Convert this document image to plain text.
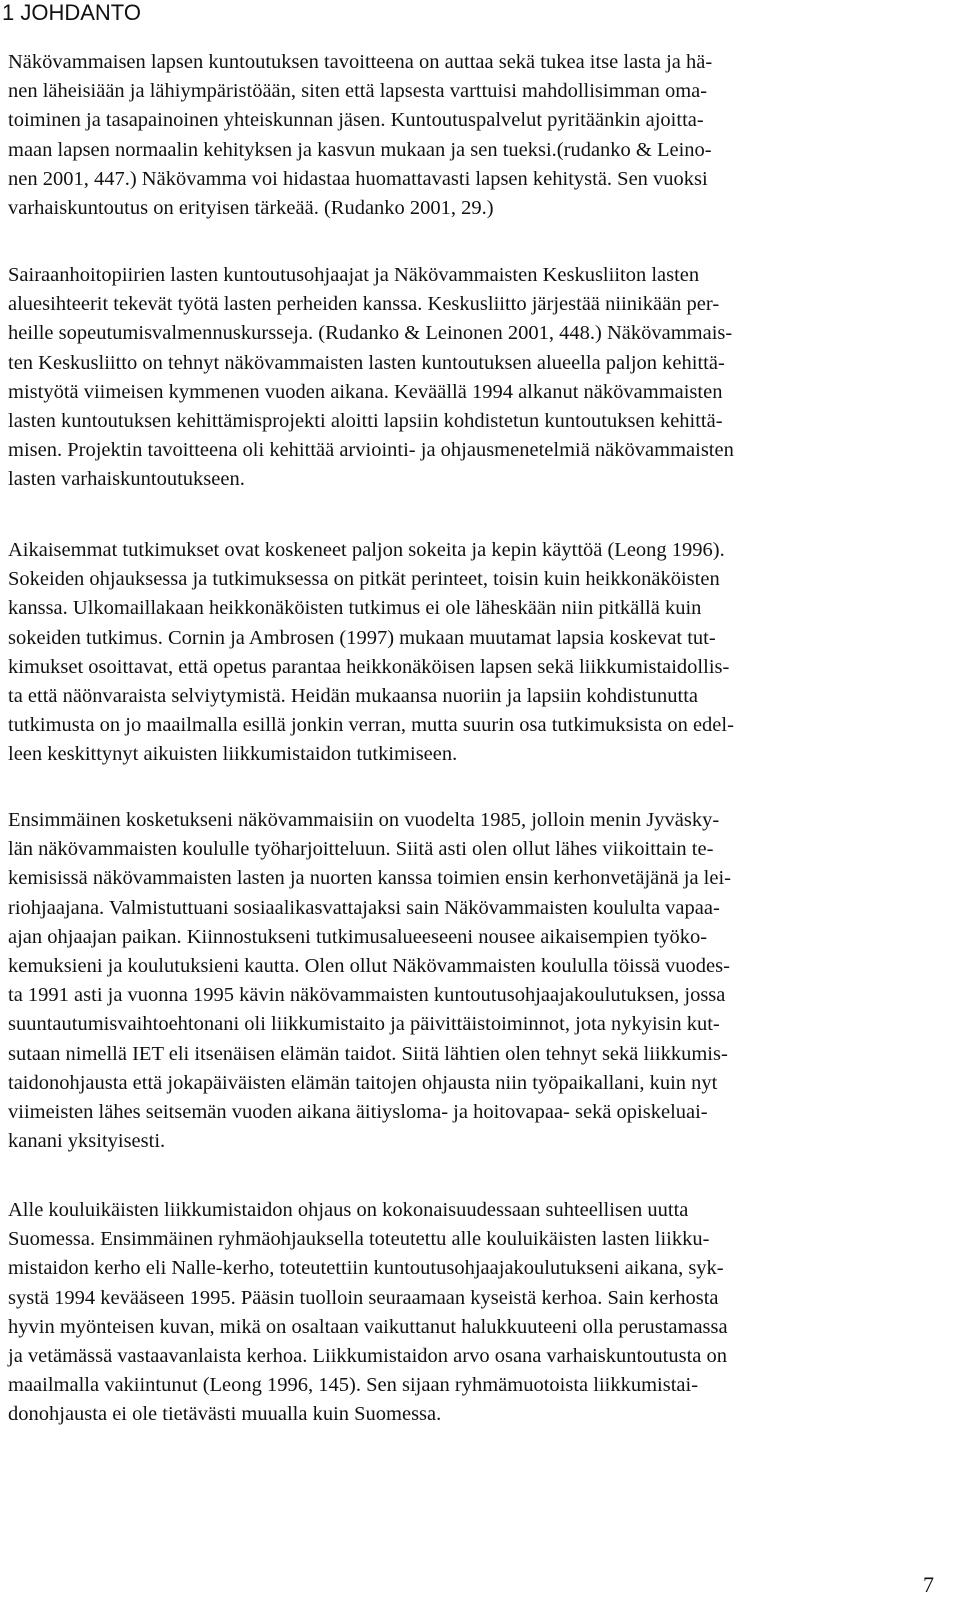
1 JOHDANTO
Näkövammaisen lapsen kuntoutuksen tavoitteena on auttaa sekä tukea itse lasta ja hä-
nen läheisiään ja lähiympäristöään, siten että lapsesta varttuisi mahdollisimman oma-
toiminen ja tasapainoinen yhteiskunnan jäsen. Kuntoutuspalvelut pyritäänkin ajoitta-
maan lapsen normaalin kehityksen ja kasvun mukaan ja sen tueksi.(rudanko & Leino-
nen 2001, 447.) Näkövamma voi hidastaa huomattavasti lapsen kehitystä. Sen vuoksi
varhaiskuntoutus on erityisen tärkeää. (Rudanko 2001, 29.)
Sairaanhoitopiirien lasten kuntoutusohjaajat ja Näkövammaisten Keskusliiton lasten
aluesihteerit tekevät työtä lasten perheiden kanssa. Keskusliitto järjestää niinikään per-
heille sopeutumisvalmennuskursseja. (Rudanko & Leinonen 2001, 448.) Näkövammais-
ten Keskusliitto on tehnyt näkövammaisten lasten kuntoutuksen alueella paljon kehittä-
mistyötä viimeisen kymmenen vuoden aikana. Keväällä 1994 alkanut näkövammaisten
lasten kuntoutuksen kehittämisprojekti aloitti lapsiin kohdistetun kuntoutuksen kehittä-
misen. Projektin tavoitteena oli kehittää arviointi- ja ohjausmenetelmiä näkövammaisten
lasten varhaiskuntoutukseen.
Aikaisemmat tutkimukset ovat koskeneet paljon sokeita ja kepin käyttöä (Leong 1996).
Sokeiden ohjauksessa ja tutkimuksessa on pitkät perinteet, toisin kuin heikkonäköisten
kanssa. Ulkomaillakaan heikkonäköisten tutkimus ei ole läheskään niin pitkällä kuin
sokeiden tutkimus. Cornin ja Ambrosen (1997) mukaan muutamat lapsia koskevat tut-
kimukset osoittavat, että opetus parantaa heikkonäköisen lapsen sekä liikkumistaidollis-
ta että näönvaraista selviytymistä. Heidän mukaansa nuoriin ja lapsiin kohdistunutta
tutkimusta on jo maailmalla esillä jonkin verran, mutta suurin osa tutkimuksista on edel-
leen keskittynyt aikuisten liikkumistaidon tutkimiseen.
Ensimmäinen kosketukseni näkövammaisiin on vuodelta 1985, jolloin menin Jyväsky-
län näkövammaisten koululle työharjoitteluun. Siitä asti olen ollut lähes viikoittain te-
kemisissä näkövammaisten lasten ja nuorten kanssa toimien ensin kerhonvetäjänä ja lei-
riohjaajana. Valmistuttuani sosiaalikasvattajaksi sain Näkövammaisten koululta vapaa-
ajan ohjaajan paikan. Kiinnostukseni tutkimusalueeseeni nousee aikaisempien työko-
kemuksieni ja koulutuksieni kautta. Olen ollut Näkövammaisten koululla töissä vuodes-
ta 1991 asti ja vuonna 1995 kävin näkövammaisten kuntoutusohjaajakoulutuksen, jossa
suuntautumisvaihtoehtonani oli liikkumistaito ja päivittäistoiminnot, jota nykyisin kut-
sutaan nimellä IET eli itsenäisen elämän taidot. Siitä lähtien olen tehnyt sekä liikkumis-
taidonohjausta että jokapäiväisten elämän taitojen ohjausta niin työpaikallani, kuin nyt
viimeisten lähes seitsemän vuoden aikana äitiysloma- ja hoitovapaa- sekä opiskeluai-
kanani yksityisesti.
Alle kouluikäisten liikkumistaidon ohjaus on kokonaisuudessaan suhteellisen uutta
Suomessa. Ensimmäinen ryhmäohjauksella toteutettu alle kouluikäisten lasten liikku-
mistaidon kerho eli Nalle-kerho, toteutettiin kuntoutusohjaajakoulutukseni aikana, syk-
systä 1994 kevääseen 1995. Pääsin tuolloin seuraamaan kyseistä kerhoa. Sain kerhosta
hyvin myönteisen kuvan, mikä on osaltaan vaikuttanut halukkuuteeni olla perustamassa
ja vetämässä vastaavanlaista kerhoa. Liikkumistaidon arvo osana varhaiskuntoutusta on
maailmalla vakiintunut (Leong 1996, 145). Sen sijaan ryhmämuotoista liikkumistai-
donohjausta ei ole tietävästi muualla kuin Suomessa.
7
